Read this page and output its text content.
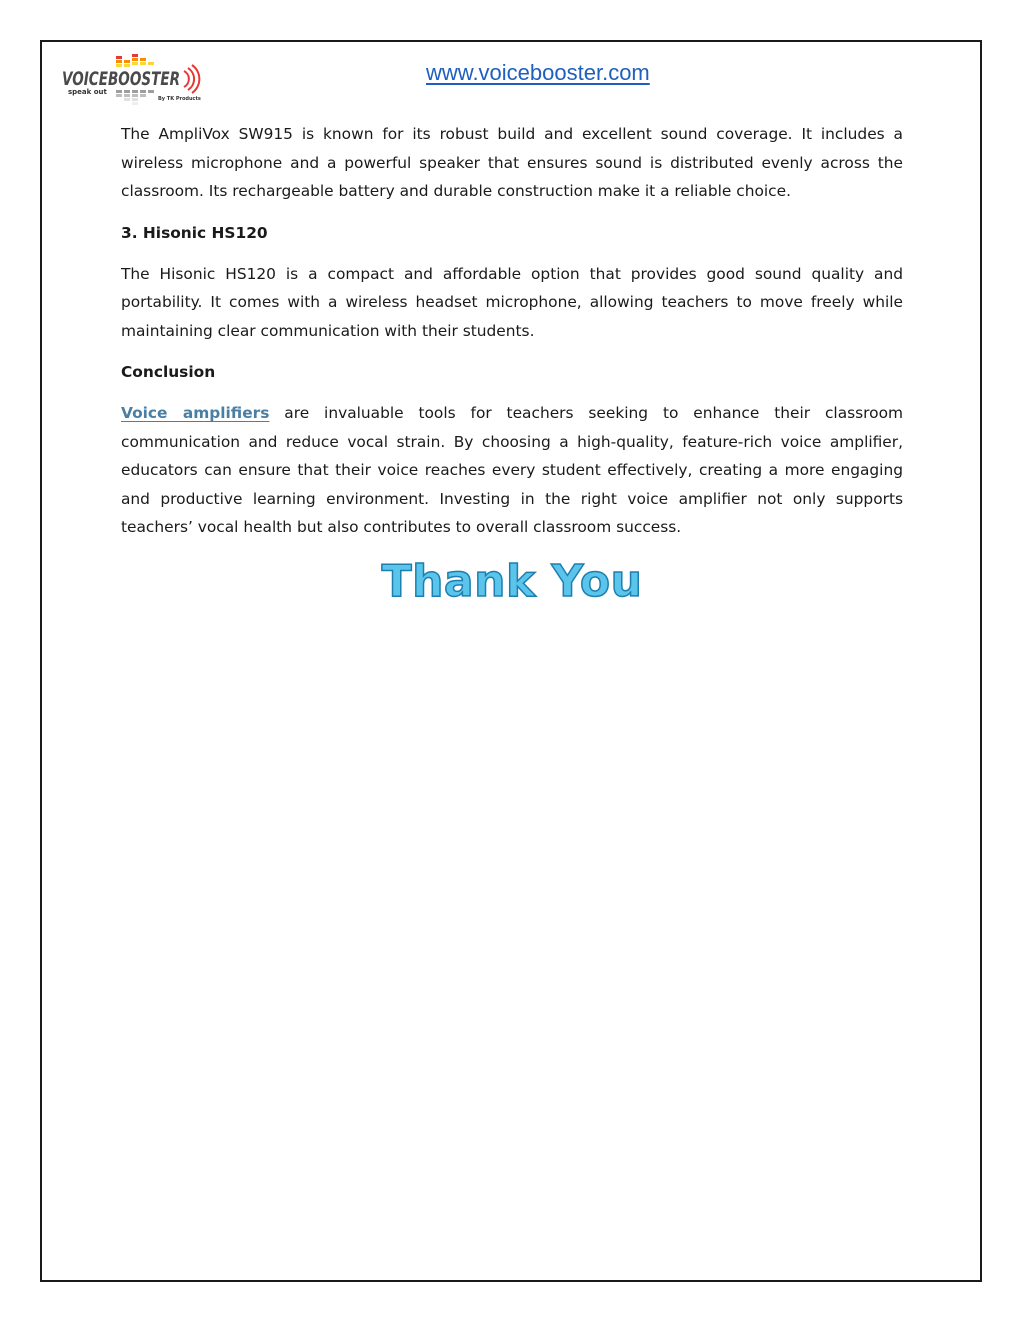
VOICEBOOSTER
speak out
By TK Products
www.voicebooster.com

The AmpliVox SW915 is known for its robust build and excellent sound coverage. It includes a wireless microphone and a powerful speaker that ensures sound is distributed evenly across the classroom. Its rechargeable battery and durable construction make it a reliable choice.

3. Hisonic HS120

The Hisonic HS120 is a compact and affordable option that provides good sound quality and portability. It comes with a wireless headset microphone, allowing teachers to move freely while maintaining clear communication with their students.

Conclusion

Voice amplifiers are invaluable tools for teachers seeking to enhance their classroom communication and reduce vocal strain. By choosing a high-quality, feature-rich voice amplifier, educators can ensure that their voice reaches every student effectively, creating a more engaging and productive learning environment. Investing in the right voice amplifier not only supports teachers’ vocal health but also contributes to overall classroom success.

Thank You
